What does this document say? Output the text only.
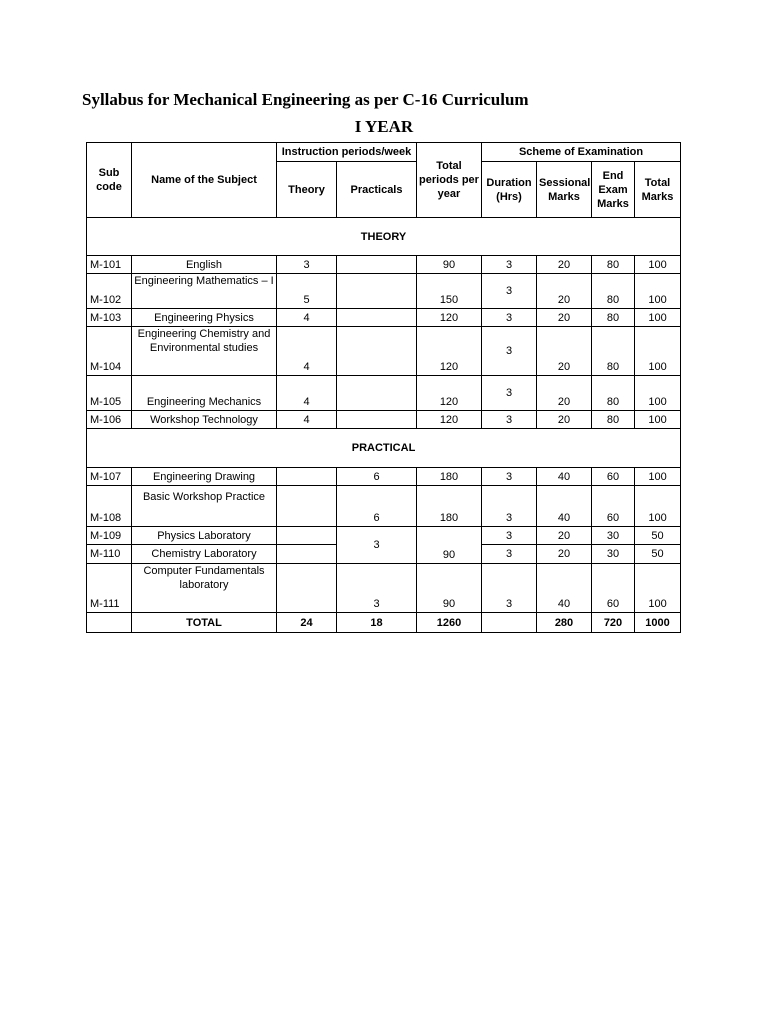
Syllabus for Mechanical Engineering as per C-16 Curriculum
I YEAR
Sub code	Name of the Subject	Instruction periods/week		Total periods per year	Scheme of Examination			
		Theory	Practicals		Duration (Hrs)	Sessional Marks	End Exam Marks	Total Marks
THEORY								
M-101	English	3		90	3	20	80	100
M-102	Engineering Mathematics – I	5		150	3	20	80	100
M-103	Engineering Physics	4		120	3	20	80	100
M-104	Engineering Chemistry and Environmental studies	4		120	3	20	80	100
M-105	Engineering Mechanics	4		120	3	20	80	100
M-106	Workshop Technology	4		120	3	20	80	100
PRACTICAL								
M-107	Engineering Drawing		6	180	3	40	60	100
M-108	Basic Workshop Practice		6	180	3	40	60	100
M-109	Physics Laboratory		3	90	3	20	30	50
M-110	Chemistry Laboratory				3	20	30	50
M-111	Computer Fundamentals laboratory		3	90	3	40	60	100
	TOTAL	24	18	1260		280	720	1000
